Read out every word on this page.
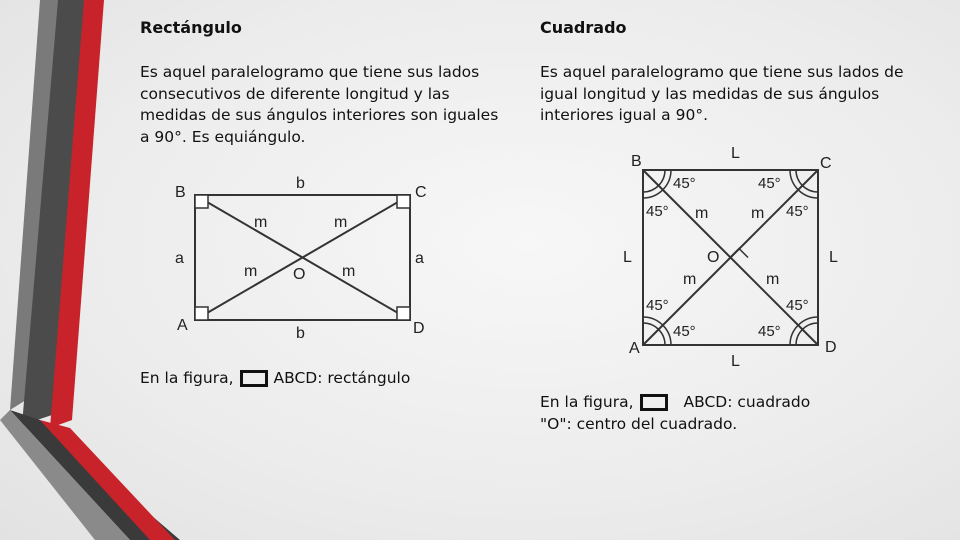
Rectángulo

Es aquel paralelogramo que tiene sus lados consecutivos de diferente longitud y las medidas de sus ángulos interiores son iguales a 90°. Es equiángulo.

B	C
A	D
b
b
a	a
O
m	m
m	m
En la figura,	ABCD: rectángulo
Cuadrado

Es aquel paralelogramo que tiene sus lados de igual longitud y las medidas de sus ángulos interiores igual a 90°.

B	C
A	D
L
L
L	L
O
m	m
m	m
45°
45°
45°
45°
45°
45°
45°
45°
En la figura,	ABCD: cuadrado
"O": centro del cuadrado.
